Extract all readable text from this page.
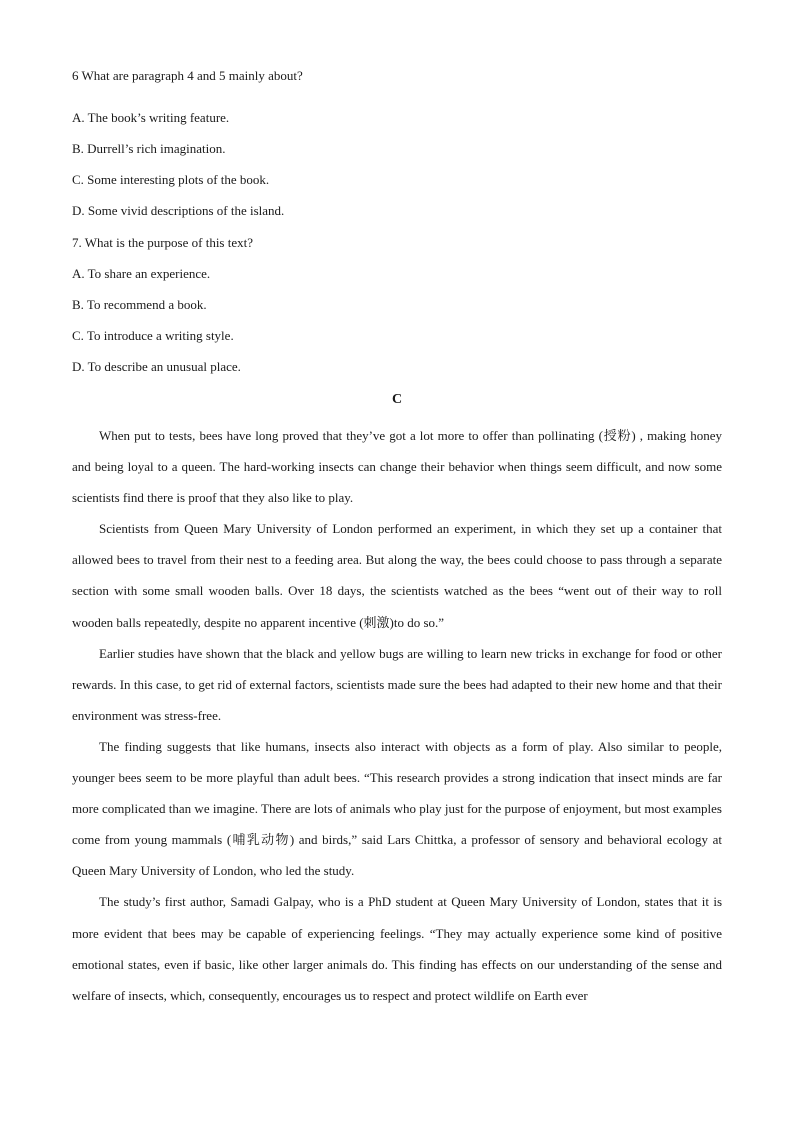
6 What are paragraph 4 and 5 mainly about?
A. The book’s writing feature.
B. Durrell’s rich imagination.
C. Some interesting plots of the book.
D. Some vivid descriptions of the island.
7. What is the purpose of this text?
A. To share an experience.
B. To recommend a book.
C. To introduce a writing style.
D. To describe an unusual place.
C

When put to tests, bees have long proved that they’ve got a lot more to offer than pollinating (授粉) , making honey and being loyal to a queen. The hard-working insects can change their behavior when things seem difficult, and now some scientists find there is proof that they also like to play.

Scientists from Queen Mary University of London performed an experiment, in which they set up a container that allowed bees to travel from their nest to a feeding area. But along the way, the bees could choose to pass through a separate section with some small wooden balls. Over 18 days, the scientists watched as the bees “went out of their way to roll wooden balls repeatedly, despite no apparent incentive (刺激)to do so.”

Earlier studies have shown that the black and yellow bugs are willing to learn new tricks in exchange for food or other rewards. In this case, to get rid of external factors, scientists made sure the bees had adapted to their new home and that their environment was stress-free.

The finding suggests that like humans, insects also interact with objects as a form of play. Also similar to people, younger bees seem to be more playful than adult bees. “This research provides a strong indication that insect minds are far more complicated than we imagine. There are lots of animals who play just for the purpose of enjoyment, but most examples come from young mammals (哺乳动物) and birds,” said Lars Chittka, a professor of sensory and behavioral ecology at Queen Mary University of London, who led the study.

The study’s first author, Samadi Galpay, who is a PhD student at Queen Mary University of London, states that it is more evident that bees may be capable of experiencing feelings. “They may actually experience some kind of positive emotional states, even if basic, like other larger animals do. This finding has effects on our understanding of the sense and welfare of insects, which, consequently, encourages us to respect and protect wildlife on Earth ever
